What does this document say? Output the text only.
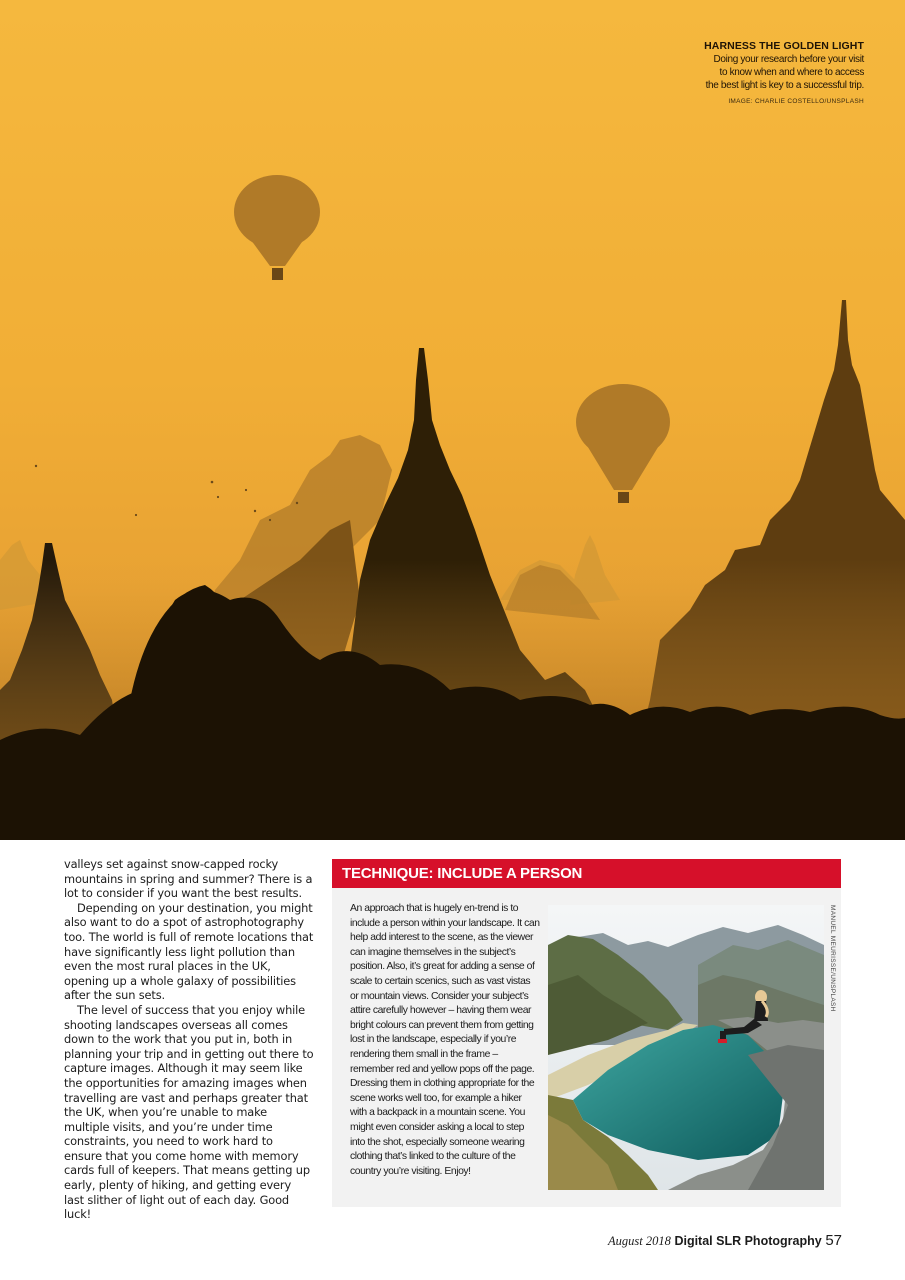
HARNESS THE GOLDEN LIGHT
Doing your research before your visit
to know when and where to access
the best light is key to a successful trip.
IMAGE: CHARLIE COSTELLO/UNSPLASH

valleys set against snow-capped rocky mountains in spring and summer? There is a lot to consider if you want the best results.

Depending on your destination, you might also want to do a spot of astrophotography too. The world is full of remote locations that have significantly less light pollution than even the most rural places in the UK, opening up a whole galaxy of possibilities after the sun sets.

The level of success that you enjoy while shooting landscapes overseas all comes down to the work that you put in, both in planning your trip and in getting out there to capture images. Although it may seem like the opportunities for amazing images when travelling are vast and perhaps greater that the UK, when you’re unable to make multiple visits, and you’re under time constraints, you need to work hard to ensure that you come home with memory cards full of keepers. That means getting up early, plenty of hiking, and getting every last slither of light out of each day. Good luck!

TECHNIQUE: INCLUDE A PERSON
An approach that is hugely en-trend is to include a person within your landscape. It can help add interest to the scene, as the viewer can imagine themselves in the subject’s position. Also, it’s great for adding a sense of scale to certain scenics, such as vast vistas or mountain views. Consider your subject’s attire carefully however – having them wear bright colours can prevent them from getting lost in the landscape, especially if you’re rendering them small in the frame – remember red and yellow pops off the page. Dressing them in clothing appropriate for the scene works well too, for example a hiker with a backpack in a mountain scene. You might even consider asking a local to step into the shot, especially someone wearing clothing that’s linked to the culture of the country you’re visiting. Enjoy!
MANUEL MEURISSE/UNSPLASH
August 2018 Digital SLR Photography 57
